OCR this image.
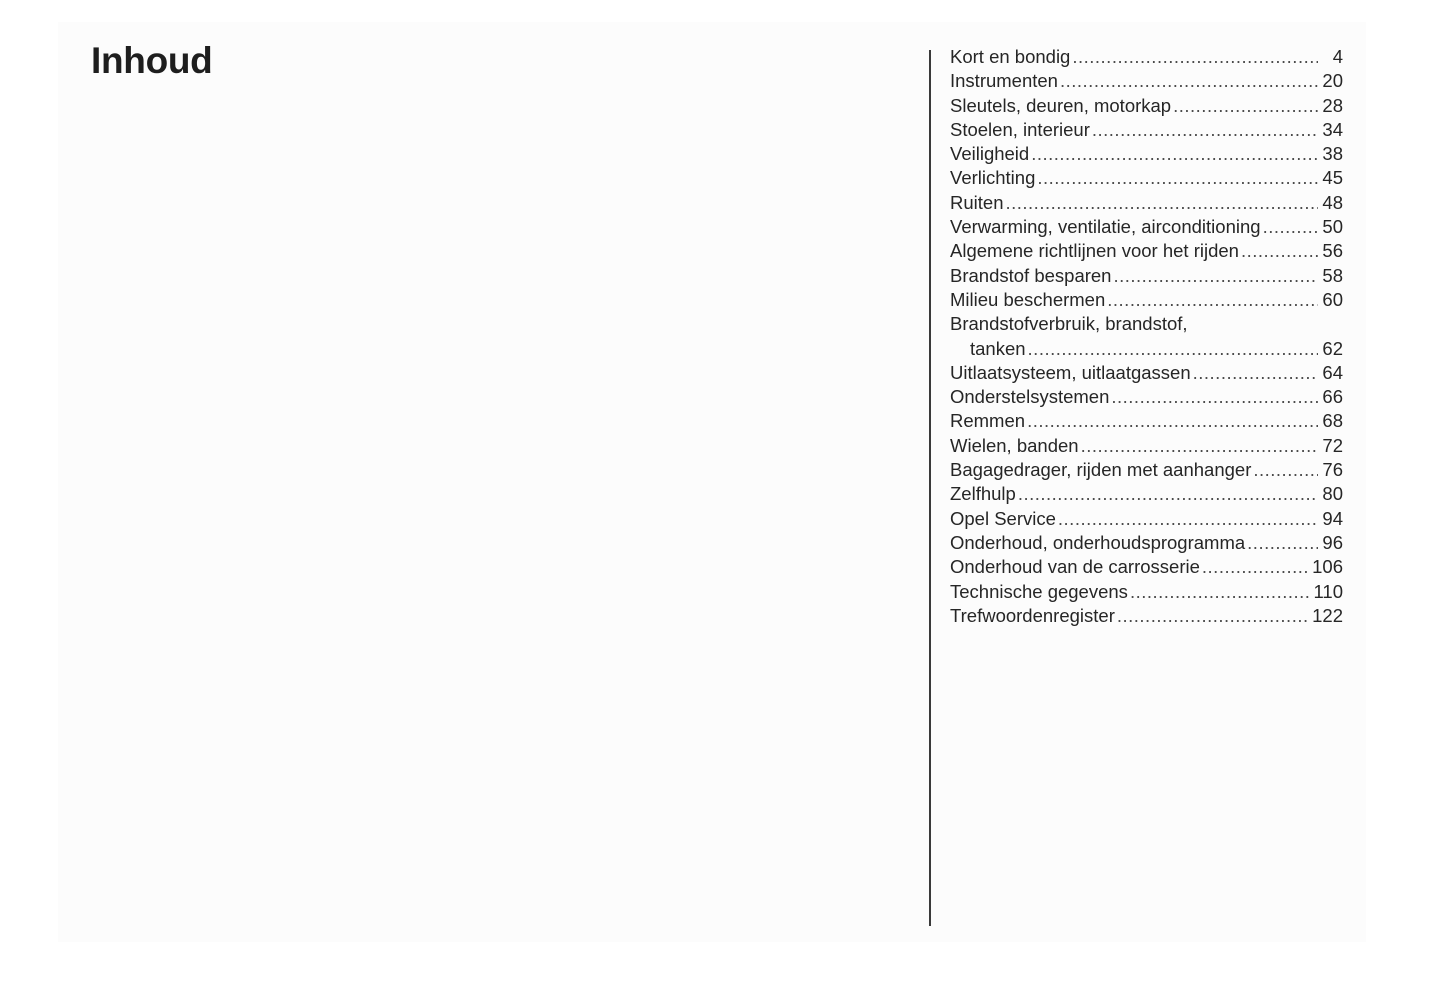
Inhoud	Kort en bondig .....	4
Instrumenten .....	20
Sleutels, deuren, motorkap .....	28
Stoelen, interieur .....	34
Veiligheid .....	38
Verlichting .....	45
Ruiten .....	48
Verwarming, ventilatie, airconditioning .....	50
Algemene richtlijnen voor het rijden .....	56
Brandstof besparen .....	58
Milieu beschermen .....	60
Brandstofverbruik, brandstof,
tanken .....	62
Uitlaatsysteem, uitlaatgassen .....	64
Onderstelsystemen .....	66
Remmen .....	68
Wielen, banden .....	72
Bagagedrager, rijden met aanhanger .....	76
Zelfhulp .....	80
Opel Service .....	94
Onderhoud, onderhoudsprogramma .....	96
Onderhoud van de carrosserie .....	106
Technische gegevens .....	110
Trefwoordenregister .....	122
